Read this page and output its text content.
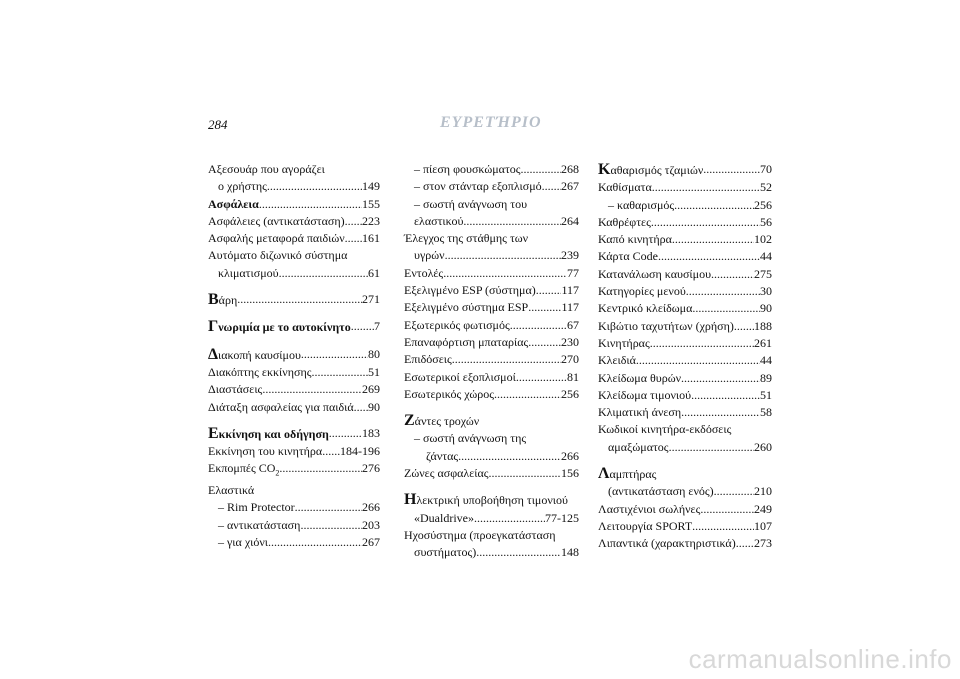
284	ΕΥΡΕΤΉΡΙΟ
Αξεσουάρ που αγοράζει
ο χρήστης .....	149
Ασφάλεια .....	155
Ασφάλειες (αντικατάσταση) ..... 223
Ασφαλής μεταφορά παιδιών ..... 161
Αυτόματο διζωνικό σύστημα
κλιματισμού .....	61
Βάρη .....	271
Γνωριμία με το αυτοκίνητο ..... 7
Διακοπή καυσίμου .....	80
Διακόπτης εκκίνησης .....	51
Διαστάσεις .....	269
Διάταξη ασφαλείας για παιδιά ..... 90
Εκκίνηση και οδήγηση .....	183
Εκκίνηση του κινητήρα ..... 184-196
Εκπομπές $CO_2$ .....	276
Ελαστικά
– Rim Protector .....	266
– αντικατάσταση .....	203
– για χιόνι .....	267
– πίεση φουσκώματος .....	268
– στον στάνταρ εξοπλισμό ..... 267
– σωστή ανάγνωση του
ελαστικού .....	264
Έλεγχος της στάθμης των
υγρών .....	239
Εντολές .....	77
Εξελιγμένο ESP (σύστημα) ..... 117
Εξελιγμένο σύστημα ESP .....	117
Εξωτερικός φωτισμός .....	67
Επαναφόρτιση μπαταρίας .....	230
Επιδόσεις .....	270
Εσωτερικοί εξοπλισμοί .....	81
Εσωτερικός χώρος .....	256
Ζάντες τροχών
– σωστή ανάγνωση της
ζάντας .....	266
Ζώνες ασφαλείας .....	156
Ηλεκτρική υποβοήθηση τιμονιού
«Dualdrive» .....	77-125
Ηχοσύστημα (προεγκατάσταση
συστήματος) .....	148
Καθαρισμός τζαμιών .....	70
Καθίσματα .....	52
– καθαρισμός .....	256
Καθρέφτες .....	56
Καπό κινητήρα .....	102
Κάρτα Code .....	44
Κατανάλωση καυσίμου .....	275
Κατηγορίες μενού .....	30
Κεντρικό κλείδωμα .....	90
Κιβώτιο ταχυτήτων (χρήση) ..... 188
Κινητήρας .....	261
Κλειδιά .....	44
Κλείδωμα θυρών .....	89
Κλείδωμα τιμονιού .....	51
Κλιματική άνεση .....	58
Κωδικοί κινητήρα-εκδόσεις
αμαξώματος .....	260
Λαμπτήρας
(αντικατάσταση ενός) .....	210
Λαστιχένιοι σωλήνες .....	249
Λειτουργία SPORT .....	107
Λιπαντικά (χαρακτηριστικά) ..... 273
carmanualsonline.info
